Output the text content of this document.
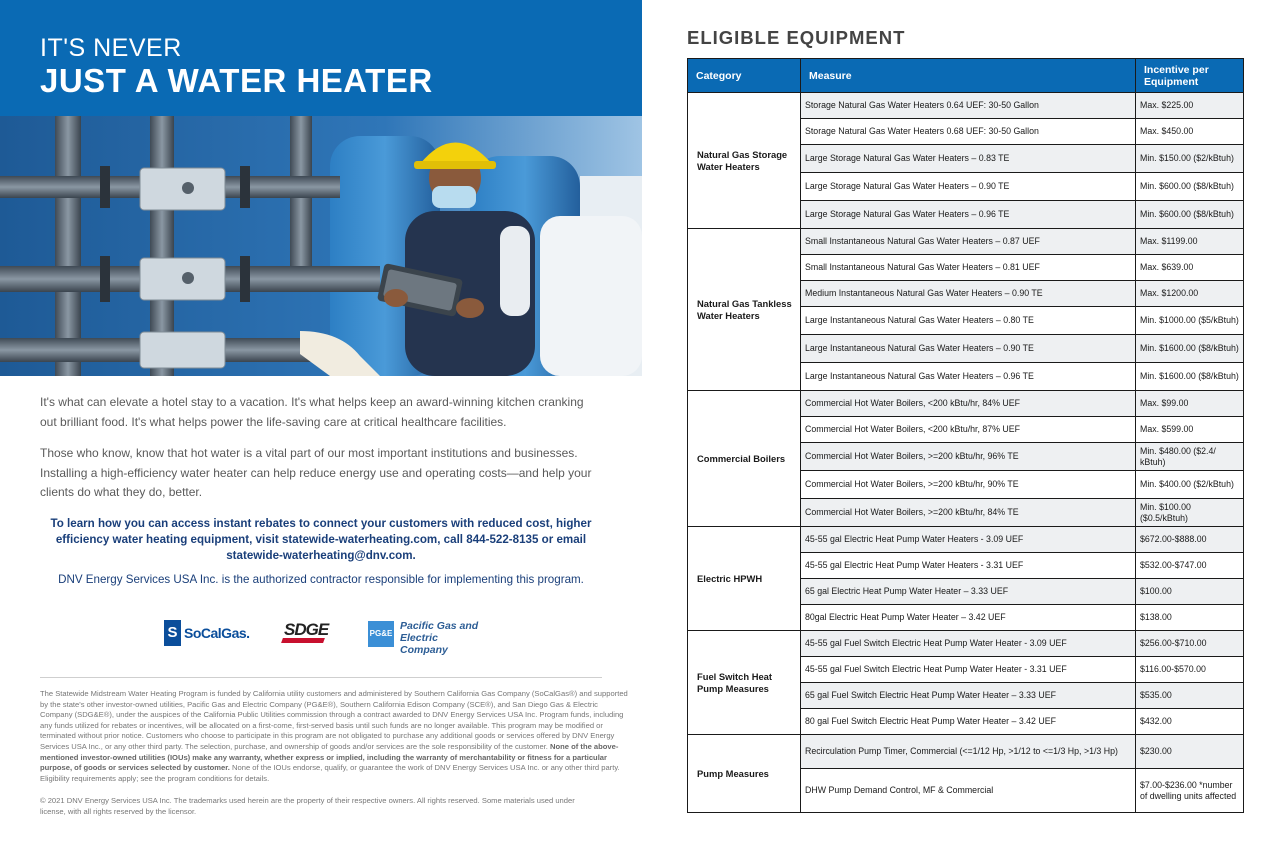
IT'S NEVER
JUST A WATER HEATER

It's what can elevate a hotel stay to a vacation. It's what helps keep an award-winning kitchen cranking out brilliant food. It's what helps power the life-saving care at critical healthcare facilities.

Those who know, know that hot water is a vital part of our most important institutions and businesses. Installing a high-efficiency water heater can help reduce energy use and operating costs—and help your clients do what they do, better.

To learn how you can access instant rebates to connect your customers with reduced cost, higher efficiency water heating equipment, visit statewide-waterheating.com, call 844-522-8135 or email statewide-waterheating@dnv.com.

DNV Energy Services USA Inc. is the authorized contractor responsible for implementing this program.

S SoCalGas. SDGE	PG&E
Pacific Gas and
Electric Company

The Statewide Midstream Water Heating Program is funded by California utility customers and administered by Southern California Gas Company (SoCalGas®) and supported by the state's other investor-owned utilities, Pacific Gas and Electric Company (PG&E®), Southern California Edison Company (SCE®), and San Diego Gas & Electric Company (SDG&E®), under the auspices of the California Public Utilities commission through a contract awarded to DNV Energy Services USA Inc. Program funds, including any funds utilized for rebates or incentives, will be allocated on a first-come, first-served basis until such funds are no longer available. This program may be modified or terminated without prior notice. Customers who choose to participate in this program are not obligated to purchase any additional goods or services offered by DNV Energy Services USA Inc., or any other third party. The selection, purchase, and ownership of goods and/or services are the sole responsibility of the customer. None of the above-mentioned investor-owned utilities (IOUs) make any warranty, whether express or implied, including the warranty of merchantability or fitness for a particular purpose, of goods or services selected by customer. None of the IOUs endorse, qualify, or guarantee the work of DNV Energy Services USA Inc. or any other third party. Eligibility requirements apply; see the program conditions for details.

© 2021 DNV Energy Services USA Inc. The trademarks used herein are the property of their respective owners. All rights reserved. Some materials used under license, with all rights reserved by the licensor.

ELIGIBLE EQUIPMENT
Category	Measure	Incentive per Equipment
Natural Gas Storage Water Heaters	Storage Natural Gas Water Heaters 0.64 UEF: 30-50 Gallon	Max. $225.00
	Storage Natural Gas Water Heaters 0.68 UEF: 30-50 Gallon	Max. $450.00
	Large Storage Natural Gas Water Heaters – 0.83 TE	Min. $150.00 ($2/kBtuh)
	Large Storage Natural Gas Water Heaters – 0.90 TE	Min. $600.00 ($8/kBtuh)
	Large Storage Natural Gas Water Heaters – 0.96 TE	Min. $600.00 ($8/kBtuh)
Natural Gas Tankless Water Heaters	Small Instantaneous Natural Gas Water Heaters – 0.87 UEF	Max. $1199.00
	Small Instantaneous Natural Gas Water Heaters – 0.81 UEF	Max. $639.00
	Medium Instantaneous Natural Gas Water Heaters – 0.90 TE	Max. $1200.00
	Large Instantaneous Natural Gas Water Heaters – 0.80 TE	Min. $1000.00 ($5/kBtuh)
	Large Instantaneous Natural Gas Water Heaters – 0.90 TE	Min. $1600.00 ($8/kBtuh)
	Large Instantaneous Natural Gas Water Heaters – 0.96 TE	Min. $1600.00 ($8/kBtuh)
Commercial Boilers	Commercial Hot Water Boilers, <200 kBtu/hr, 84% UEF	Max. $99.00
	Commercial Hot Water Boilers, <200 kBtu/hr, 87% UEF	Max. $599.00
	Commercial Hot Water Boilers, >=200 kBtu/hr, 96% TE	Min. $480.00 ($2.4/ kBtuh)
	Commercial Hot Water Boilers, >=200 kBtu/hr, 90% TE	Min. $400.00 ($2/kBtuh)
	Commercial Hot Water Boilers, >=200 kBtu/hr, 84% TE	Min. $100.00 ($0.5/kBtuh)
Electric HPWH	45-55 gal Electric Heat Pump Water Heaters - 3.09 UEF	$672.00-$888.00
	45-55 gal Electric Heat Pump Water Heaters - 3.31 UEF	$532.00-$747.00
	65 gal Electric Heat Pump Water Heater – 3.33 UEF	$100.00
	80gal Electric Heat Pump Water Heater – 3.42 UEF	$138.00
Fuel Switch Heat Pump Measures	45-55 gal Fuel Switch Electric Heat Pump Water Heater - 3.09 UEF	$256.00-$710.00
	45-55 gal Fuel Switch Electric Heat Pump Water Heater - 3.31 UEF	$116.00-$570.00
	65 gal Fuel Switch Electric Heat Pump Water Heater – 3.33 UEF	$535.00
	80 gal Fuel Switch Electric Heat Pump Water Heater – 3.42 UEF	$432.00
Pump Measures	Recirculation Pump Timer, Commercial (<=1/12 Hp, >1/12 to <=1/3 Hp, >1/3 Hp)	$230.00
	DHW Pump Demand Control, MF & Commercial	$7.00-$236.00 *number of dwelling units affected
